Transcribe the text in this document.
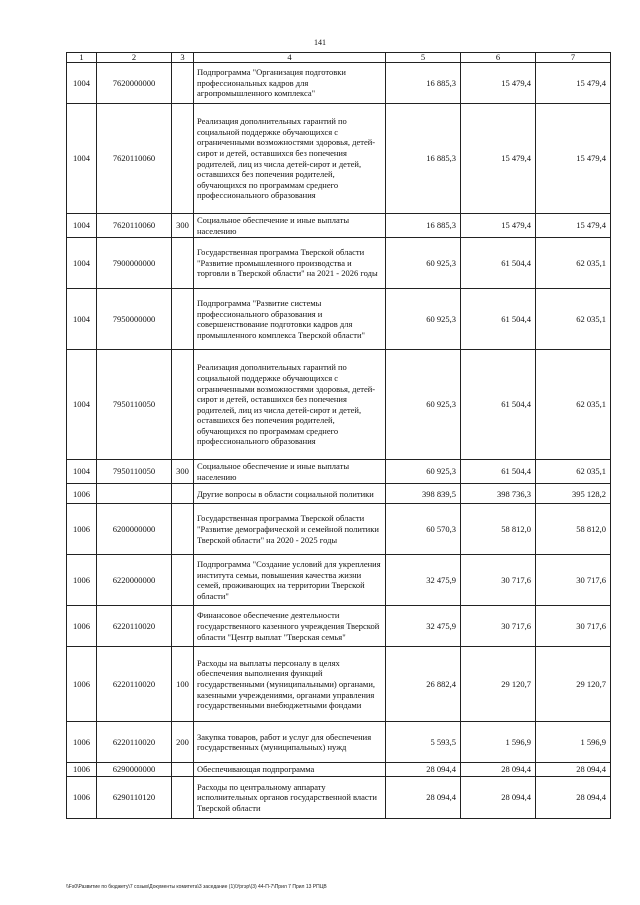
141
1	2	3	4	5	6	7
1004	7620000000		Подпрограмма "Организация подготовки профессиональных кадров для агропромышленного комплекса"	16 885,3	15 479,4	15 479,4
1004	7620110060		Реализация дополнительных гарантий по социальной поддержке обучающихся с ограниченными возможностями здоровья, детей-сирот и детей, оставшихся без попечения родителей, лиц из числа детей-сирот и детей, оставшихся без попечения родителей, обучающихся по программам среднего профессионального образования	16 885,3	15 479,4	15 479,4
1004	7620110060	300	Социальное обеспечение и иные выплаты населению	16 885,3	15 479,4	15 479,4
1004	7900000000		Государственная программа Тверской области "Развитие промышленного производства и торговли в Тверской области" на 2021 - 2026 годы	60 925,3	61 504,4	62 035,1
1004	7950000000		Подпрограмма "Развитие системы профессионального образования и совершенствование подготовки кадров для промышленного комплекса Тверской области"	60 925,3	61 504,4	62 035,1
1004	7950110050		Реализация дополнительных гарантий по социальной поддержке обучающихся с ограниченными возможностями здоровья, детей-сирот и детей, оставшихся без попечения родителей, лиц из числа детей-сирот и детей, оставшихся без попечения родителей, обучающихся по программам среднего профессионального образования	60 925,3	61 504,4	62 035,1
1004	7950110050	300	Социальное обеспечение и иные выплаты населению	60 925,3	61 504,4	62 035,1
1006			Другие вопросы в области социальной политики	398 839,5	398 736,3	395 128,2
1006	6200000000		Государственная программа Тверской области "Развитие демографической и семейной политики Тверской области" на 2020 - 2025 годы	60 570,3	58 812,0	58 812,0
1006	6220000000		Подпрограмма "Создание условий для укрепления института семьи, повышения качества жизни семей, проживающих на территории Тверской области"	32 475,9	30 717,6	30 717,6
1006	6220110020		Финансовое обеспечение деятельности государственного казенного учреждения Тверской области "Центр выплат "Тверская семья"	32 475,9	30 717,6	30 717,6
1006	6220110020	100	Расходы на выплаты персоналу в целях обеспечения выполнения функций государственными (муниципальными) органами, казенными учреждениями, органами управления государственными внебюджетными фондами	26 882,4	29 120,7	29 120,7
1006	6220110020	200	Закупка товаров, работ и услуг для обеспечения государственных (муниципальных) нужд	5 593,5	1 596,9	1 596,9
1006	6290000000		Обеспечивающая подпрограмма	28 094,4	28 094,4	28 094,4
1006	6290110120		Расходы по центральному аппарату исполнительных органов государственной власти Тверской области	28 094,4	28 094,4	28 094,4
\\Fs0\Развитие по бюджету\7 созыв\Документы комитета\3 заседание (1)\Ургэр\(3) 44-П-7\Прил 7 Прил 13 РПЦВ
